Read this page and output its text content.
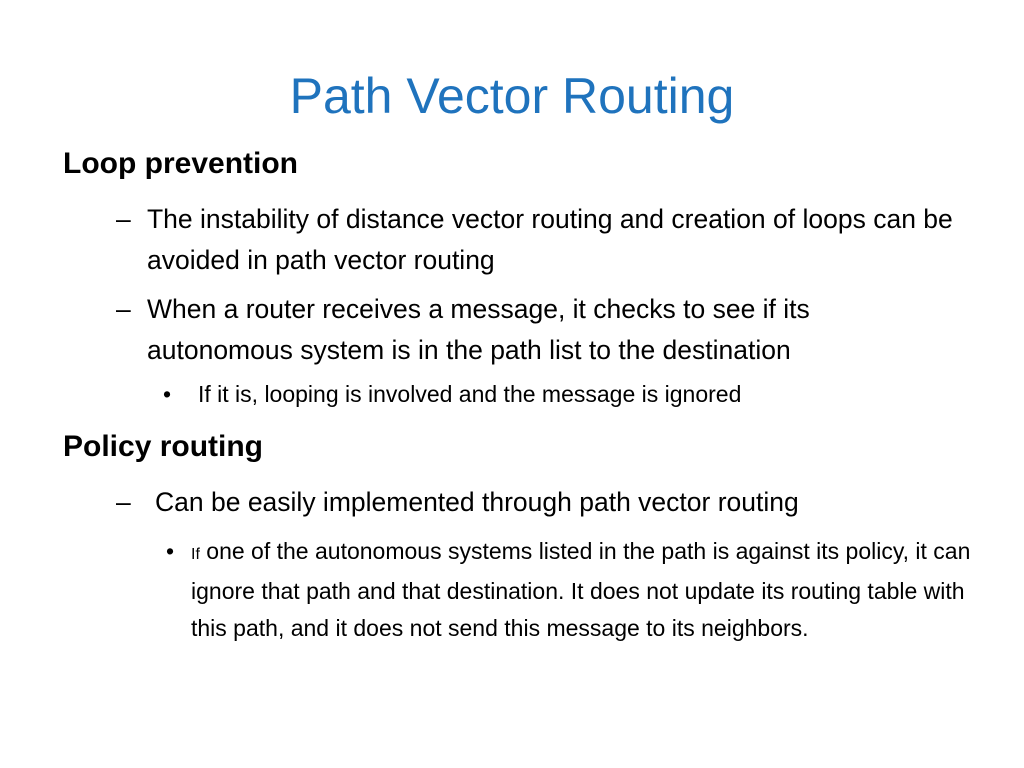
Path Vector Routing
Loop prevention
– The instability of distance vector routing and creation of loops can be avoided in path vector routing
– When a router receives a message, it checks to see if its autonomous system is in the path list to the destination
•	If it is, looping is involved and the message is ignored
Policy routing
– Can be easily implemented through path vector routing
•	If one of the autonomous systems listed in the path is against its policy, it can ignore that path and that destination. It does not update its routing table with this path, and it does not send this message to its neighbors.
